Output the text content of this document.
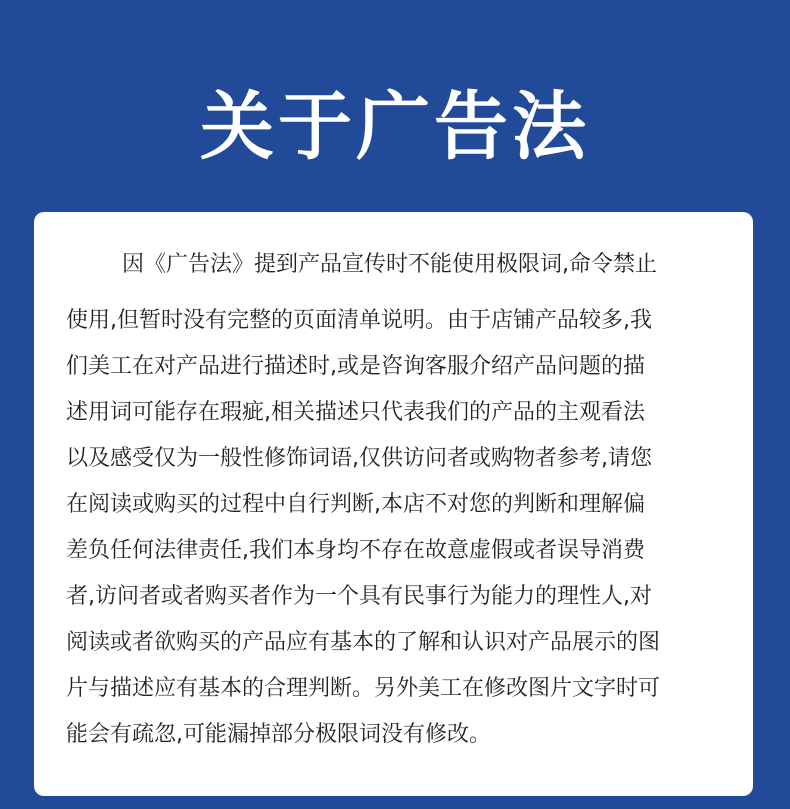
关于广告法
因《广告法》提到产品宣传时不能使用极限词,命令禁止
使用,但暂时没有完整的页面清单说明。由于店铺产品较多,我
们美工在对产品进行描述时,或是咨询客服介绍产品问题的描
述用词可能存在瑕疵,相关描述只代表我们的产品的主观看法
以及感受仅为一般性修饰词语,仅供访问者或购物者参考,请您
在阅读或购买的过程中自行判断,本店不对您的判断和理解偏
差负任何法律责任,我们本身均不存在故意虚假或者误导消费
者,访问者或者购买者作为一个具有民事行为能力的理性人,对
阅读或者欲购买的产品应有基本的了解和认识对产品展示的图
片与描述应有基本的合理判断。另外美工在修改图片文字时可
能会有疏忽,可能漏掉部分极限词没有修改。
